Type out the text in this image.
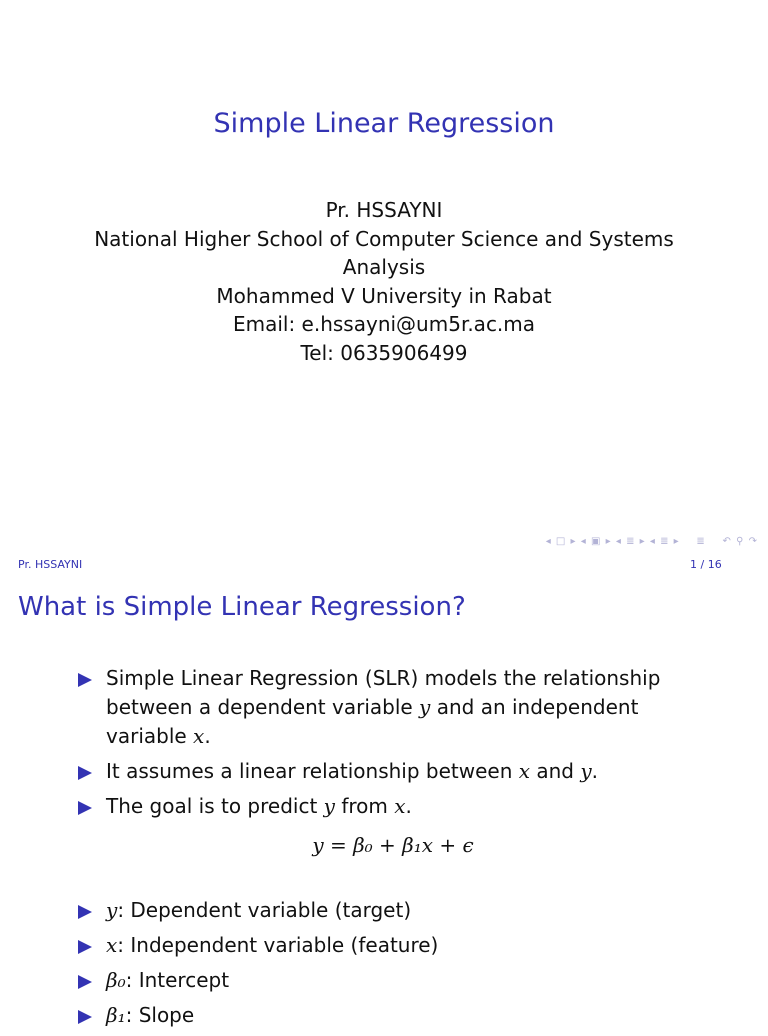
Simple Linear Regression
Pr. HSSAYNI
National Higher School of Computer Science and Systems Analysis
Mohammed V University in Rabat
Email: e.hssayni@um5r.ac.ma
Tel: 0635906499
◂ □ ▸ ◂ ▣ ▸ ◂ ≣ ▸ ◂ ≣ ▸ ≣ ↶ ⚲ ↷
Pr. HSSAYNI	1 / 16
What is Simple Linear Regression?
Simple Linear Regression (SLR) models the relationship between a dependent variable y and an independent variable x.
It assumes a linear relationship between x and y.
The goal is to predict y from x.
y = β₀ + β₁x + ϵ
y: Dependent variable (target)
x: Independent variable (feature)
β₀: Intercept
β₁: Slope
